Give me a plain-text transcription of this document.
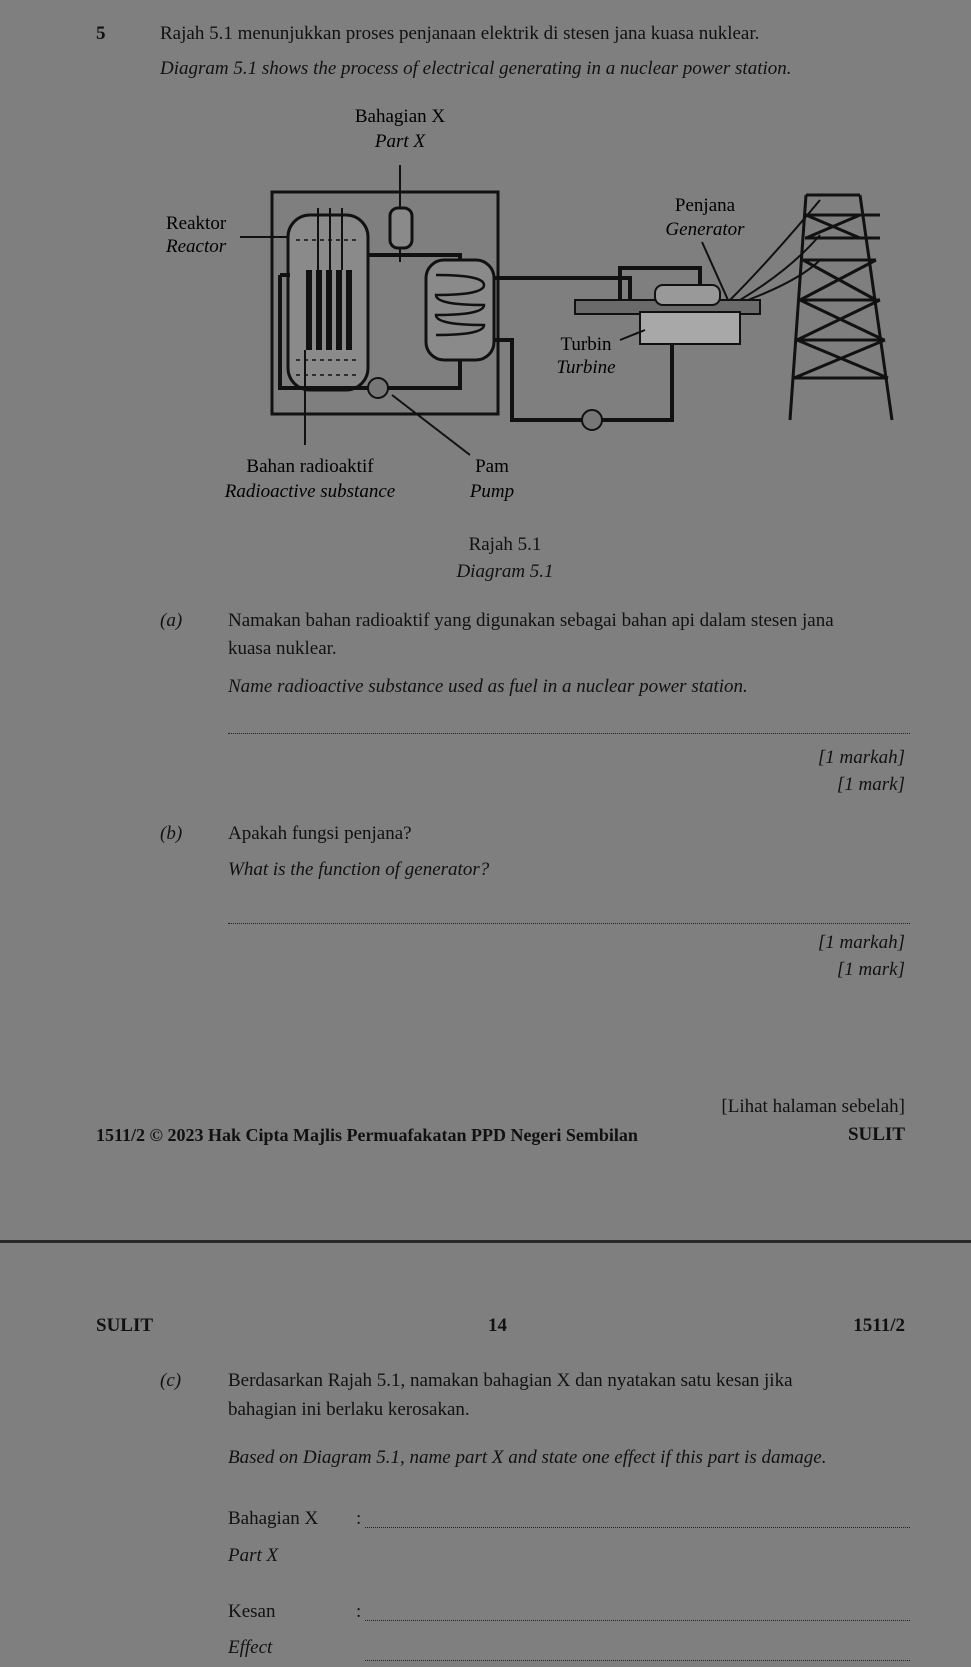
5	Rajah 5.1 menunjukkan proses penjanaan elektrik di stesen jana kuasa nuklear.
Diagram 5.1 shows the process of electrical generating in a nuclear power station.
Bahagian X
Part X
Reaktor
Reactor
Penjana
Generator
Turbin
Turbine
Bahan radioaktif
Radioactive substance
Pam
Pump
Rajah 5.1
Diagram 5.1
(a) Namakan bahan radioaktif yang digunakan sebagai bahan api dalam stesen jana
kuasa nuklear.
Name radioactive substance used as fuel in a nuclear power station.
[1 markah]
[1 mark]
(b) Apakah fungsi penjana?
What is the function of generator?
[1 markah]
[1 mark]
[Lihat halaman sebelah]
1511/2 © 2023 Hak Cipta Majlis Permuafakatan PPD Negeri Sembilan	SULIT
SULIT	14	1511/2
(c) Berdasarkan Rajah 5.1, namakan bahagian X dan nyatakan satu kesan jika
bahagian ini berlaku kerosakan.
Based on Diagram 5.1, name part X and state one effect if this part is damage.
Bahagian X :
Part X
Kesan	:
Effect
